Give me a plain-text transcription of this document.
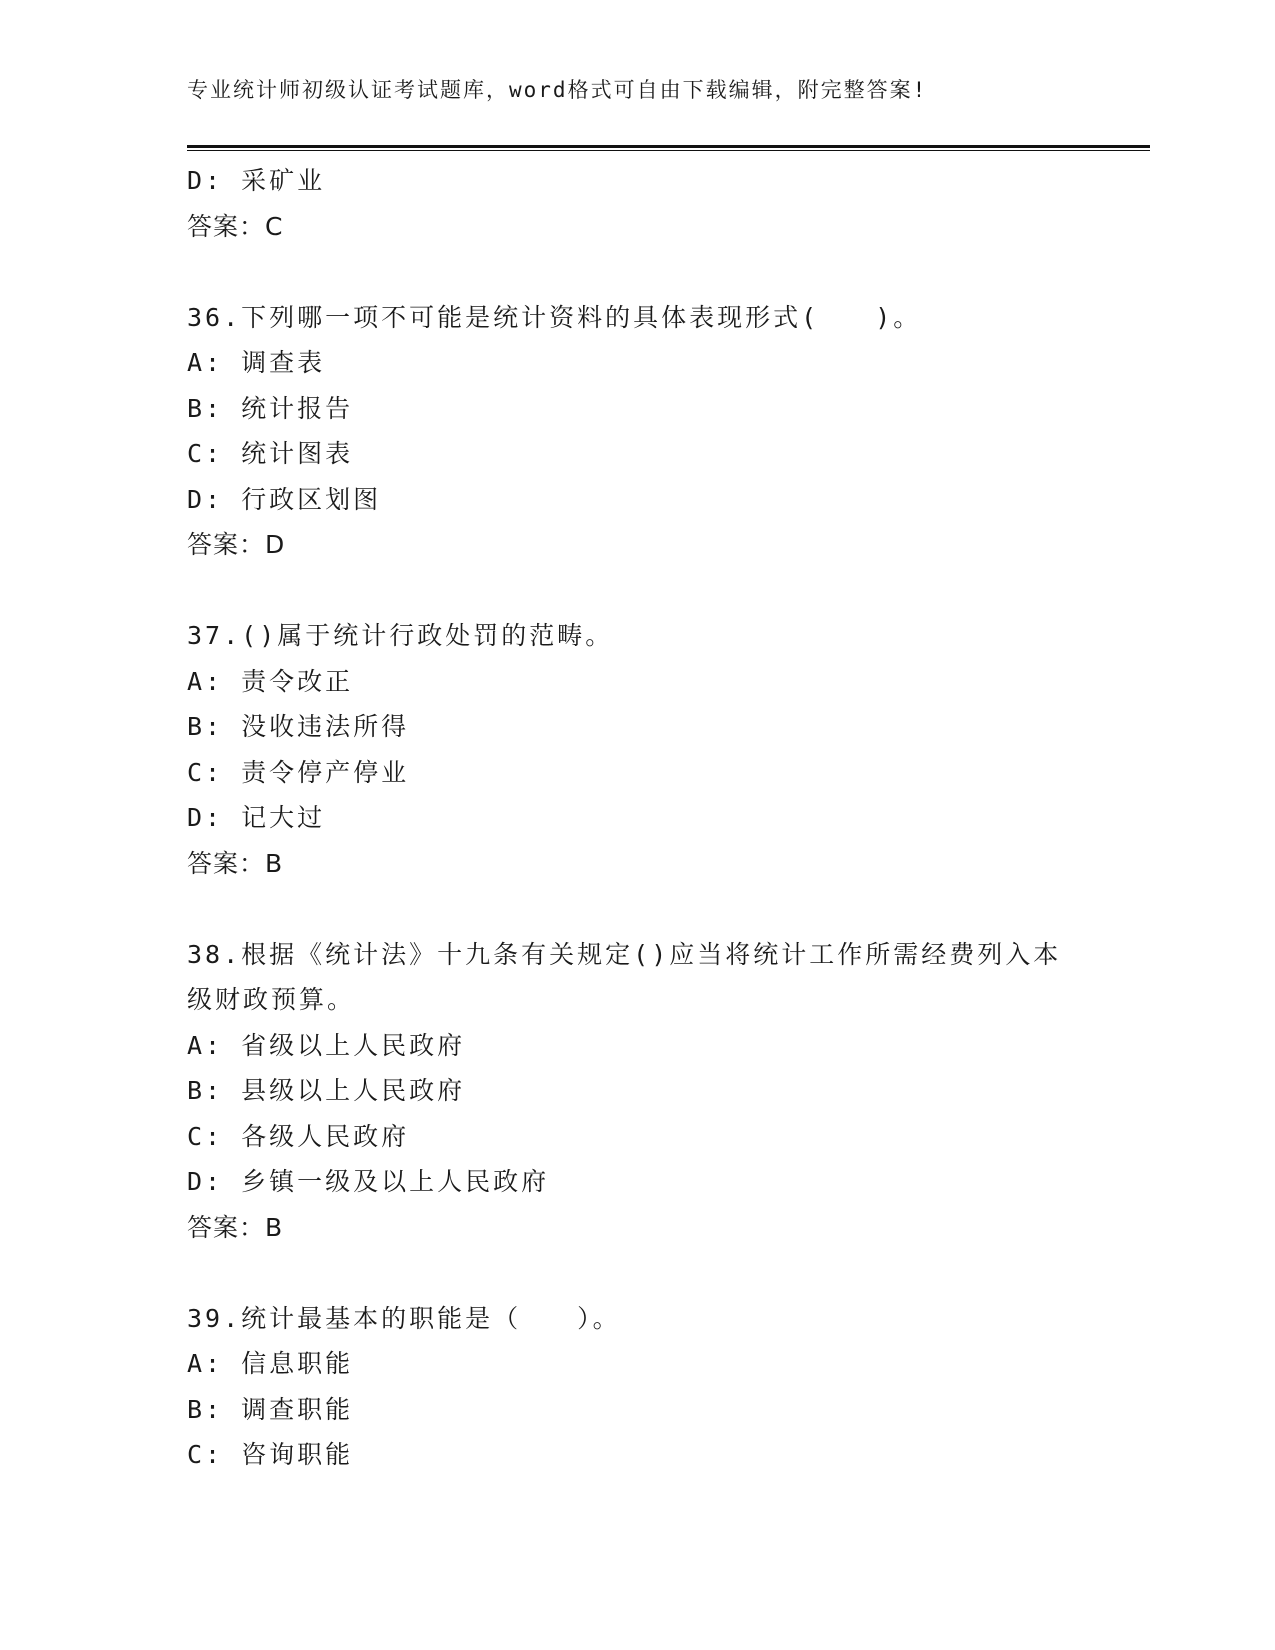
专业统计师初级认证考试题库，word格式可自由下载编辑，附完整答案!
D: 采矿业
答案：C
36.下列哪一项不可能是统计资料的具体表现形式(　　)。
A: 调查表
B: 统计报告
C: 统计图表
D: 行政区划图
答案：D
37.()属于统计行政处罚的范畴。
A: 责令改正
B: 没收违法所得
C: 责令停产停业
D: 记大过
答案：B
38.根据《统计法》十九条有关规定()应当将统计工作所需经费列入本级财政预算。
A: 省级以上人民政府
B: 县级以上人民政府
C: 各级人民政府
D: 乡镇一级及以上人民政府
答案：B
39.统计最基本的职能是（　　）。
A: 信息职能
B: 调查职能
C: 咨询职能
